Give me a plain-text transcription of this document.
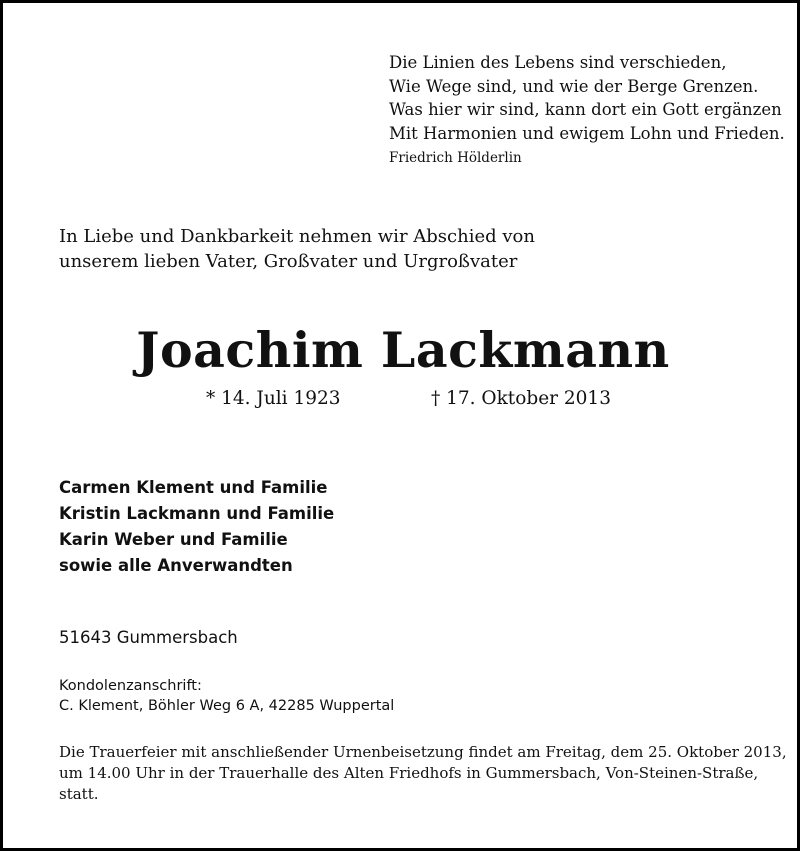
Die Linien des Lebens sind verschieden,
Wie Wege sind, und wie der Berge Grenzen.
Was hier wir sind, kann dort ein Gott ergänzen
Mit Harmonien und ewigem Lohn und Frieden.
Friedrich Hölderlin
In Liebe und Dankbarkeit nehmen wir Abschied von
unserem lieben Vater, Großvater und Urgroßvater
Joachim Lackmann
* 14. Juli 1923	† 17. Oktober 2013
Carmen Klement und Familie
Kristin Lackmann und Familie
Karin Weber und Familie
sowie alle Anverwandten
51643 Gummersbach
Kondolenzanschrift:
C. Klement, Böhler Weg 6 A, 42285 Wuppertal
Die Trauerfeier mit anschließender Urnenbeisetzung findet am Freitag, dem 25. Oktober 2013,
um 14.00 Uhr in der Trauerhalle des Alten Friedhofs in Gummersbach, Von-Steinen-Straße,
statt.
